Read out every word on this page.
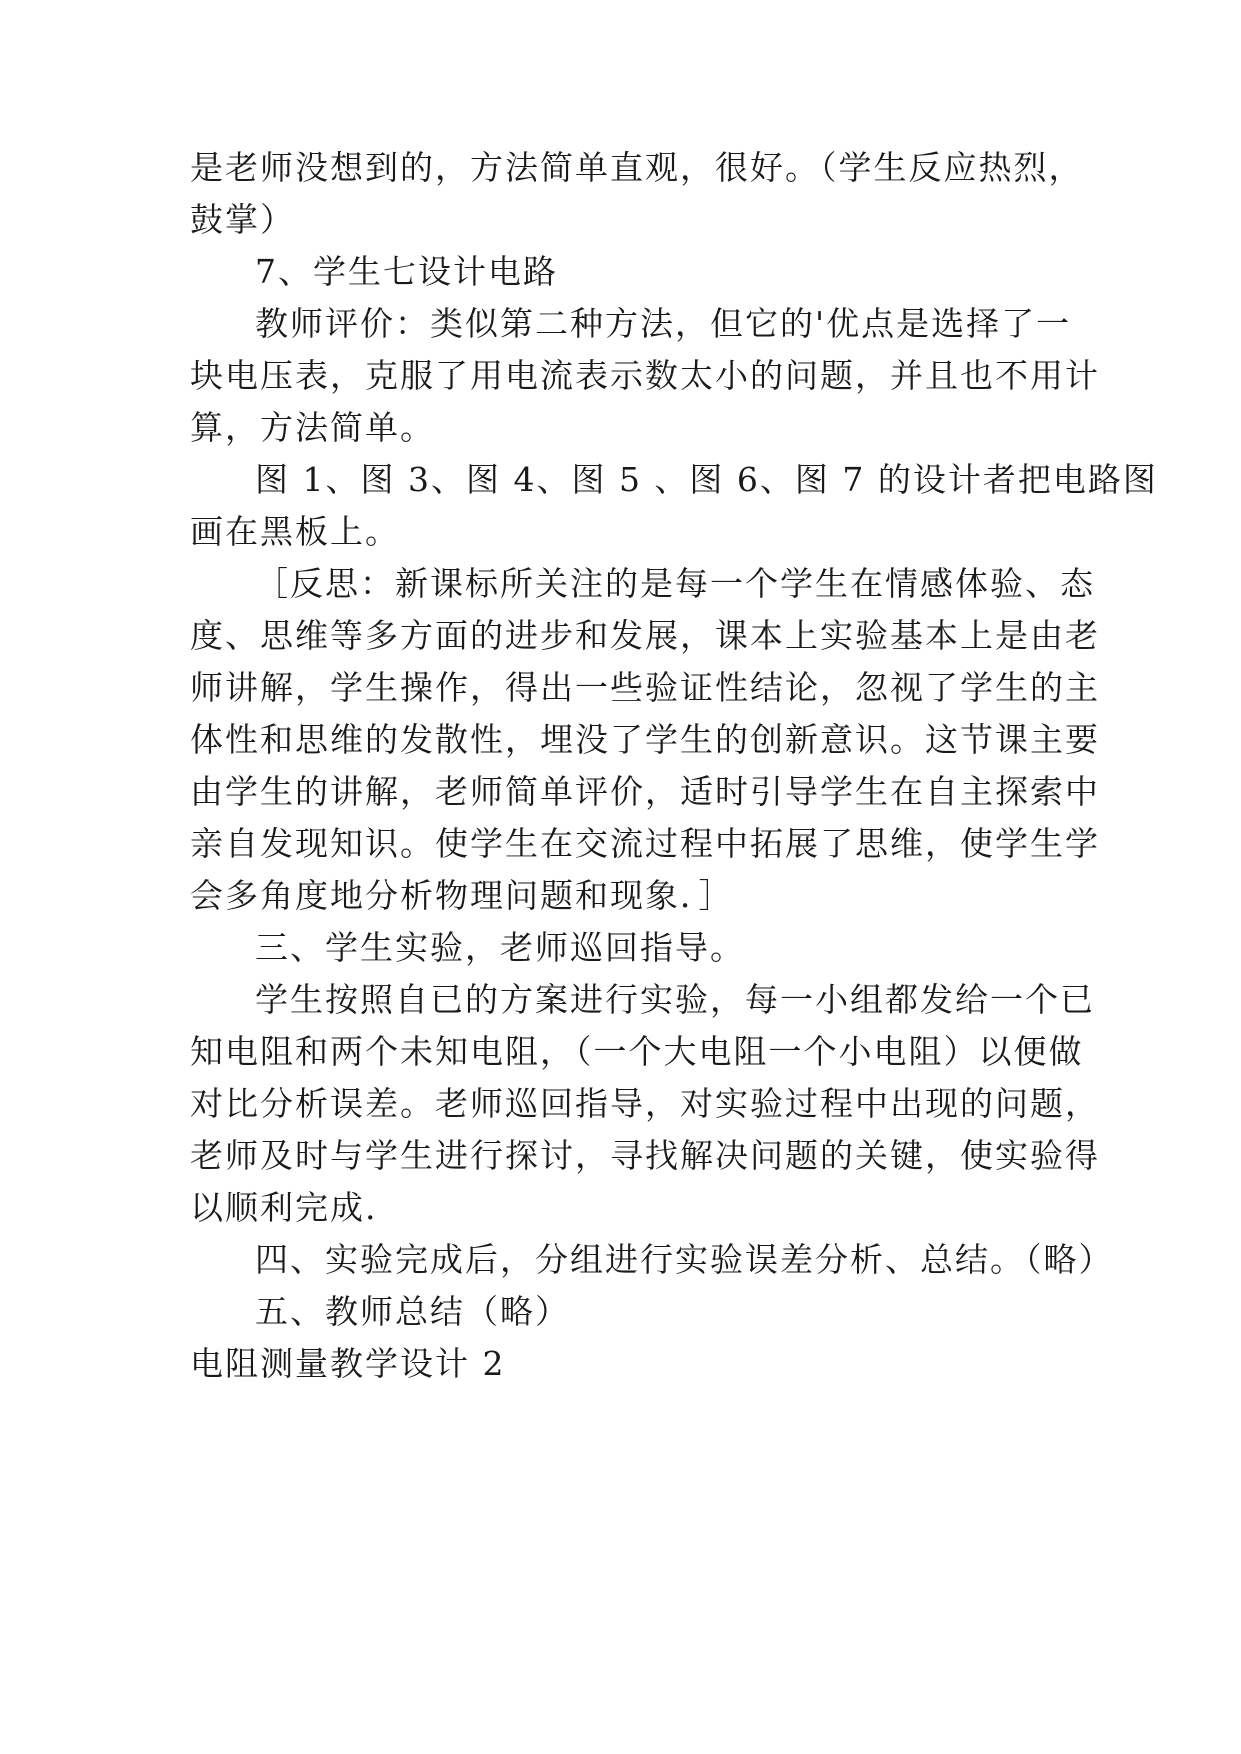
是老师没想到的，方法简单直观，很好。（学生反应热烈，
鼓掌）
7、学生七设计电路
教师评价：类似第二种方法，但它的'优点是选择了一
块电压表，克服了用电流表示数太小的问题，并且也不用计
算，方法简单。
图 1、图 3、图 4、图 5 、图 6、图 7 的设计者把电路图
画在黑板上。
［反思：新课标所关注的是每一个学生在情感体验、态
度、思维等多方面的进步和发展，课本上实验基本上是由老
师讲解，学生操作，得出一些验证性结论，忽视了学生的主
体性和思维的发散性，埋没了学生的创新意识。这节课主要
由学生的讲解，老师简单评价，适时引导学生在自主探索中
亲自发现知识。使学生在交流过程中拓展了思维，使学生学
会多角度地分析物理问题和现象．］
三、学生实验，老师巡回指导。
学生按照自已的方案进行实验，每一小组都发给一个已
知电阻和两个未知电阻，（一个大电阻一个小电阻）以便做
对比分析误差。老师巡回指导，对实验过程中出现的问题，
老师及时与学生进行探讨，寻找解决问题的关键，使实验得
以顺利完成.
四、实验完成后，分组进行实验误差分析、总结。（略）
五、教师总结（略）
电阻测量教学设计 2
